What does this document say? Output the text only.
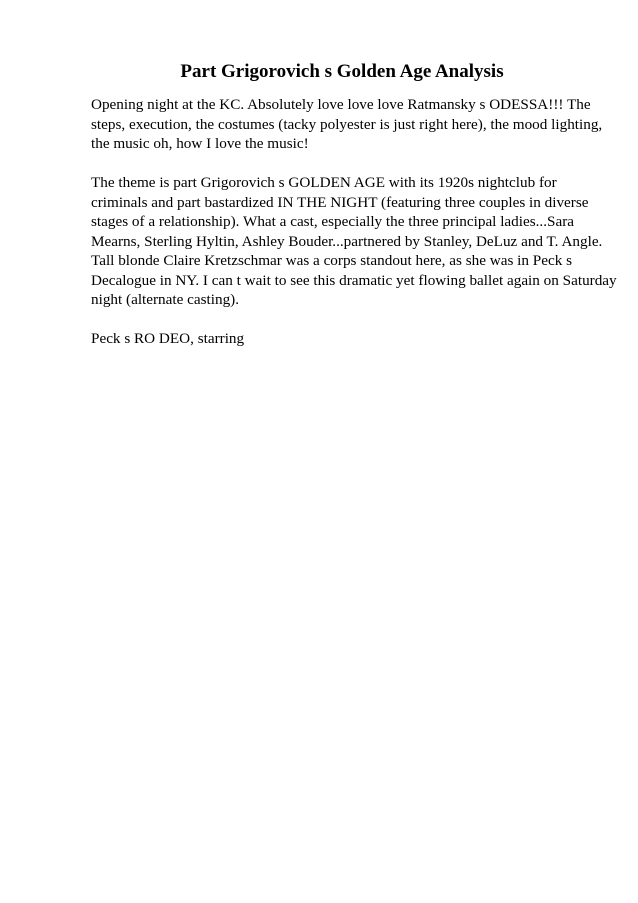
Part Grigorovich s Golden Age Analysis

Opening night at the KC. Absolutely love love love Ratmansky s ODESSA!!! The
steps, execution, the costumes (tacky polyester is just right here), the mood lighting,
the music oh, how I love the music!

The theme is part Grigorovich s GOLDEN AGE with its 1920s nightclub for
criminals and part bastardized IN THE NIGHT (featuring three couples in diverse
stages of a relationship). What a cast, especially the three principal ladies...Sara
Mearns, Sterling Hyltin, Ashley Bouder...partnered by Stanley, DeLuz and T. Angle.
Tall blonde Claire Kretzschmar was a corps standout here, as she was in Peck s
Decalogue in NY. I can t wait to see this dramatic yet flowing ballet again on Saturday
night (alternate casting).

Peck s RO DEO, starring
